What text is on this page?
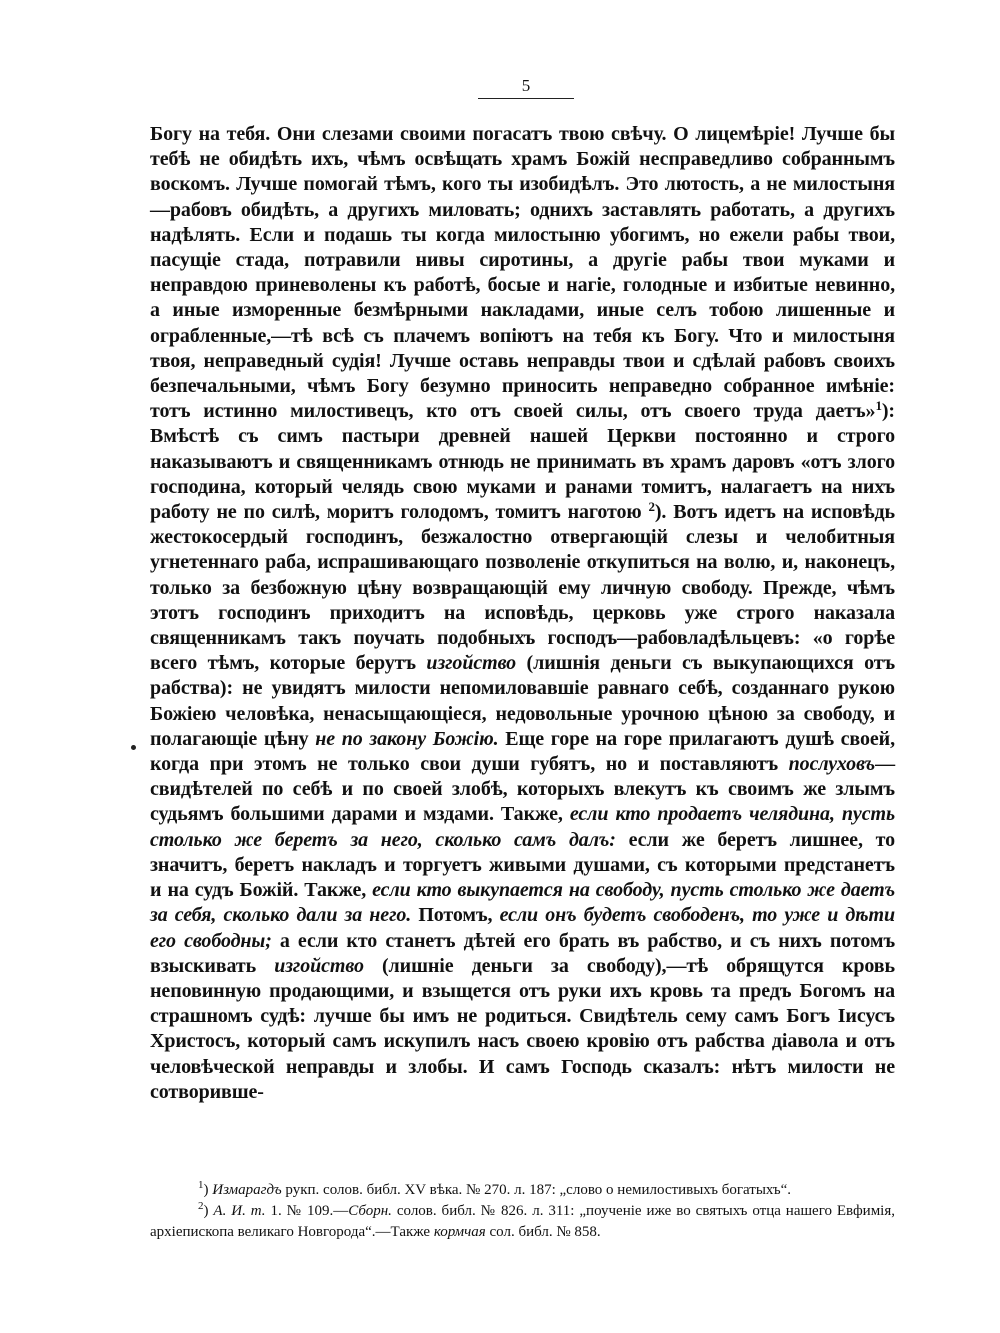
5

Богу на тебя. Они слезами своими погасатъ твою свѣчу. О лицемѣріе! Лучше бы тебѣ не обидѣть ихъ, чѣмъ освѣщать храмъ Божій несправедливо собраннымъ воскомъ. Лучше помогай тѣмъ, кого ты изобидѣлъ. Это лютость, а не милостыня—рабовъ обидѣть, а другихъ миловать; однихъ заставлять работать, а другихъ надѣлять. Если и подашь ты когда милостыню убогимъ, но ежели рабы твои, пасущіе стада, потравили нивы сиротины, а другіе рабы твои муками и неправдою приневолены къ работѣ, босые и нагіе, голодные и избитые невинно, а иные изморенные безмѣрными накладами, иные селъ тобою лишенные и ограбленные,—тѣ всѣ съ плачемъ вопіютъ на тебя къ Богу. Что и милостыня твоя, неправедный судія! Лучше оставь неправды твои и сдѣлай рабовъ своихъ безпечальными, чѣмъ Богу безумно приносить неправедно собранное имѣніе: тотъ истинно милостивецъ, кто отъ своей силы, отъ своего труда даетъ»$^1$): Вмѣстѣ съ симъ пастыри древней нашей Церкви постоянно и строго наказываютъ и священникамъ отнюдь не принимать въ храмъ даровъ «отъ злого господина, который челядь свою муками и ранами томитъ, налагаетъ на нихъ работу не по силѣ, моритъ голодомъ, томитъ наготою $^2$). Вотъ идетъ на исповѣдь жестокосердый господинъ, безжалостно отвергающій слезы и челобитныя угнетеннаго раба, испрашивающаго позволеніе откупиться на волю, и, наконецъ, только за безбожную цѣну возвращающій ему личную свободу. Прежде, чѣмъ этотъ господинъ приходитъ на исповѣдь, церковь уже строго наказала священникамъ такъ поучать подобныхъ господъ—рабовладѣльцевъ: «о горѣе всего тѣмъ, которые берутъ изгойство (лишнія деньги съ выкупающихся отъ рабства): не увидятъ милости непомиловавшіе равнаго себѣ, созданнаго рукою Божіею человѣка, ненасыщающіеся, недовольные урочною цѣною за свободу, и полагающіе цѣну не по закону Божію. Еще горе на горе прилагаютъ душѣ своей, когда при этомъ не только свои души губятъ, но и поставляютъ послуховъ— свидѣтелей по себѣ и по своей злобѣ, которыхъ влекутъ къ своимъ же злымъ судьямъ большими дарами и мздами. Также, если кто продаетъ челядина, пусть столько же беретъ за него, сколько самъ далъ: если же беретъ лишнее, то значитъ, беретъ накладъ и торгуетъ живыми душами, съ которыми предстанетъ и на судъ Божій. Также, если кто выкупается на свободу, пусть столько же даетъ за себя, сколько дали за него. Потомъ, если онъ будетъ свободенъ, то уже и дѣти его свободны; а если кто станетъ дѣтей его брать въ рабство, и съ нихъ потомъ взыскивать изгойство (лишніе деньги за свободу),—тѣ обрящутся кровь неповинную продающими, и взыщется отъ руки ихъ кровь та предъ Богомъ на страшномъ судѣ: лучше бы имъ не родиться. Свидѣтель сему самъ Богъ Іисусъ Христосъ, который самъ искупилъ насъ своею кровію отъ рабства діавола и отъ человѣческой неправды и злобы. И самъ Господь сказалъ: нѣтъ милости не сотворившe-

$^1$) Измарагдъ рукп. солов. библ. XV вѣка. № 270. л. 187: „слово о немилостивыхъ богатыхъ“.

$^2$) А. И. т. 1. № 109.—Сборн. солов. библ. № 826. л. 311: „поученіе иже во святыхъ отца нашего Евфимія, архіепископа великаго Новгорода“.—Также кормчая сол. библ. № 858.
